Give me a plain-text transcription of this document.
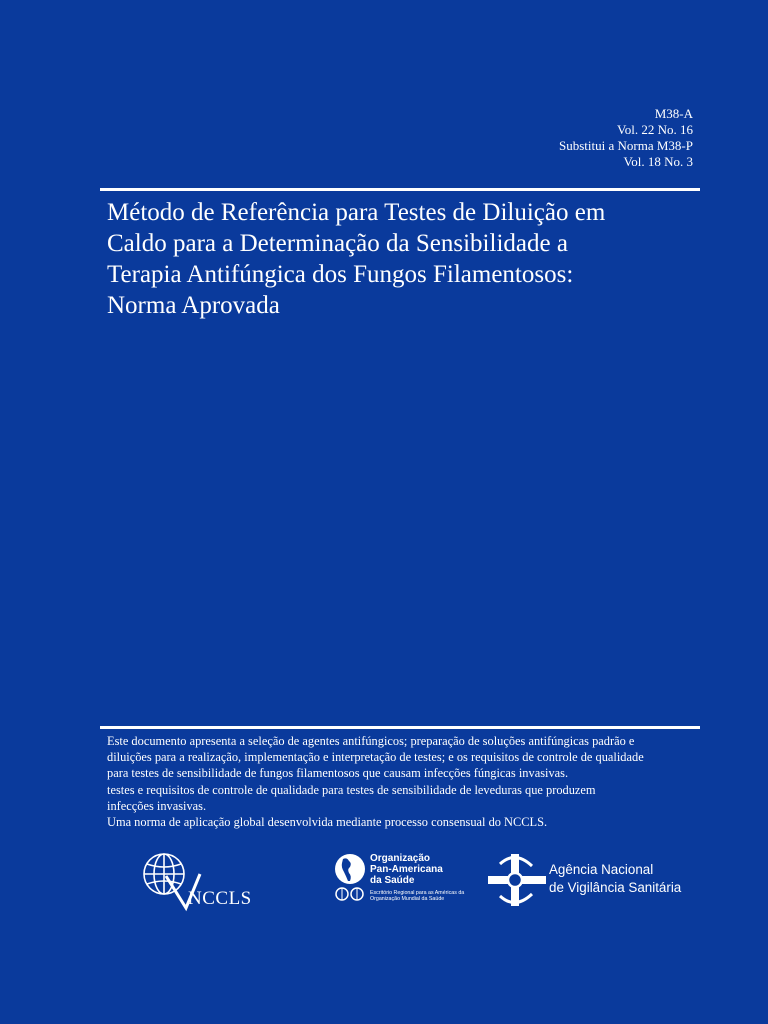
M38-A
Vol. 22 No. 16
Substitui a Norma M38-P
Vol. 18 No. 3
Método de Referência para Testes de Diluição em
Caldo para a Determinação da Sensibilidade a
Terapia Antifúngica dos Fungos Filamentosos:
Norma Aprovada
Este documento apresenta a seleção de agentes antifúngicos; preparação de soluções antifúngicas padrão e
diluições para a realização, implementação e interpretação de testes; e os requisitos de controle de qualidade
para testes de sensibilidade de fungos filamentosos que causam infecções fúngicas invasivas.
testes e requisitos de controle de qualidade para testes de sensibilidade de leveduras que produzem
infecções invasivas.
Uma norma de aplicação global desenvolvida mediante processo consensual do NCCLS.
NCCLS
Organização
Pan-Americana
da Saúde
Escritório Regional para as Américas da
Organização Mundial da Saúde
Agência Nacional
de Vigilância Sanitária
